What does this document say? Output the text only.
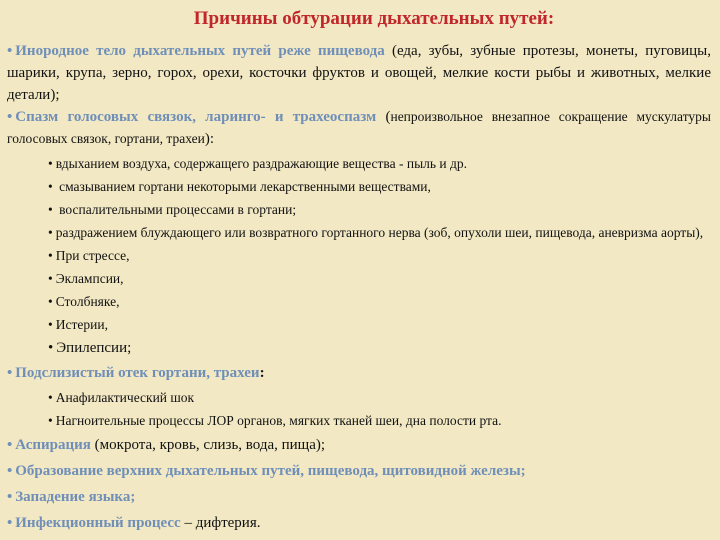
Причины обтурации дыхательных путей:

• Инородное тело дыхательных путей реже пищевода (еда, зубы, зубные протезы, монеты, пуговицы, шарики, крупа, зерно, горох, орехи, косточки фруктов и овощей, мелкие кости рыбы и животных, мелкие детали);

• Спазм голосовых связок, ларинго- и трахеоспазм (непроизвольное внезапное сокращение мускулатуры голосовых связок, гортани, трахеи):

• вдыханием воздуха, содержащего раздражающие вещества - пыль и др.

• смазыванием гортани некоторыми лекарственными веществами,

• воспалительными процессами в гортани;

• раздражением блуждающего или возвратного гортанного нерва (зоб, опухоли шеи, пищевода, аневризма аорты),

• При стрессе,

• Эклампсии,

• Столбняке,

• Истерии,

• Эпилепсии;

• Подслизистый отек гортани, трахеи:

• Анафилактический шок

• Нагноительные процессы ЛОР органов, мягких тканей шеи, дна полости рта.

• Аспирация (мокрота, кровь, слизь, вода, пища);

• Образование верхних дыхательных путей, пищевода, щитовидной железы;

• Западение языка;

• Инфекционный процесс – дифтерия.
